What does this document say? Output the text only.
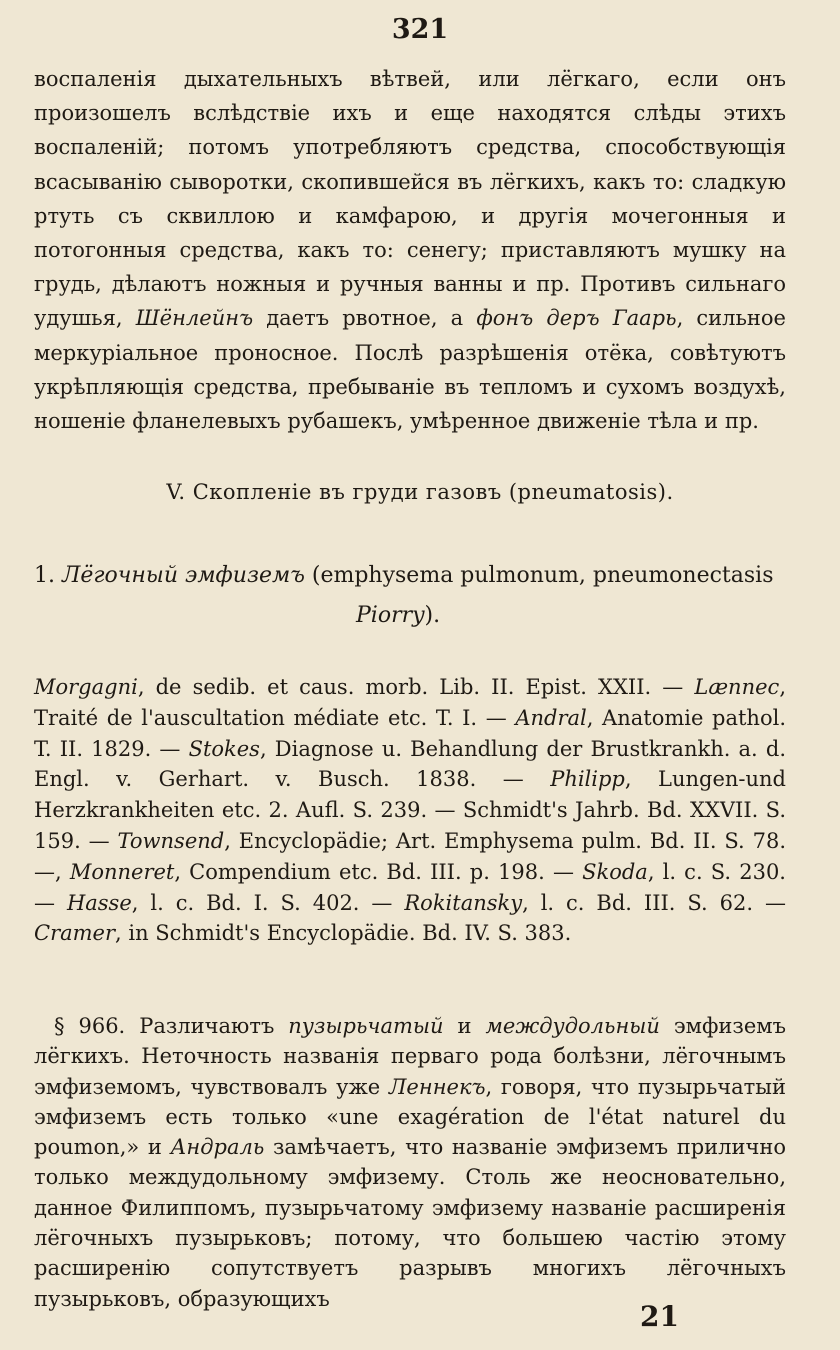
321
воспаленія дыхательныхъ вѣтвей, или лёгкаго, если онъ произошелъ вслѣдствіе ихъ и еще находятся слѣды этихъ воспаленій; потомъ употребляютъ средства, способствующія всасыванію сыворотки, скопившейся въ лёгкихъ, какъ то: сладкую ртуть съ сквиллою и камфарою, и другія мочегонныя и потогонныя средства, какъ то: сенегу; приставляютъ мушку на грудь, дѣлаютъ ножныя и ручныя ванны и пр. Противъ сильнаго удушья, Шёнлейнъ даетъ рвотное, а фонъ деръ Гаарь, сильное меркуріальное проносное. Послѣ разрѣшенія отёка, совѣтуютъ укрѣпляющія средства, пребываніе въ тепломъ и сухомъ воздухѣ, ношеніе фланелевыхъ рубашекъ, умѣренное движеніе тѣла и пр.
V. Скопленіе въ груди газовъ (pneumatosis).
1. Лёгочный эмфиземъ (emphysema pulmonum, pneumonectasis
Piorry).
Morgagni, de sedib. et caus. morb. Lib. II. Epist. XXII. — Lænnec, Traité de l'auscultation médiate etc. T. I. — Andral, Anatomie pathol. T. II. 1829. — Stokes, Diagnose u. Behandlung der Brustkrankh. a. d. Engl. v. Gerhart. v. Busch. 1838. — Philipp, Lungen-und Herzkrankheiten etc. 2. Aufl. S. 239. — Schmidt's Jahrb. Bd. XXVII. S. 159. — Townsend, Encyclopädie; Art. Emphysema pulm. Bd. II. S. 78. —, Monneret, Compendium etc. Bd. III. p. 198. — Skoda, l. c. S. 230. — Hasse, l. c. Bd. I. S. 402. — Rokitansky, l. c. Bd. III. S. 62. — Cramer, in Schmidt's Encyclopädie. Bd. IV. S. 383.
§ 966. Различаютъ пузырьчатый и междудольный эмфиземъ лёгкихъ. Неточность названія перваго рода болѣзни, лёгочнымъ эмфиземомъ, чувствовалъ уже Леннекъ, говоря, что пузырьчатый эмфиземъ есть только «une exagération de l'état naturel du poumon,» и Андраль замѣчаетъ, что названіе эмфиземъ прилично только междудольному эмфизему. Столь же неосновательно, данное Филиппомъ, пузырьчатому эмфизему названіе расширенія лёгочныхъ пузырьковъ; потому, что большею частію этому расширенію сопутствуетъ разрывъ многихъ лёгочныхъ пузырьковъ, образующихъ
21
